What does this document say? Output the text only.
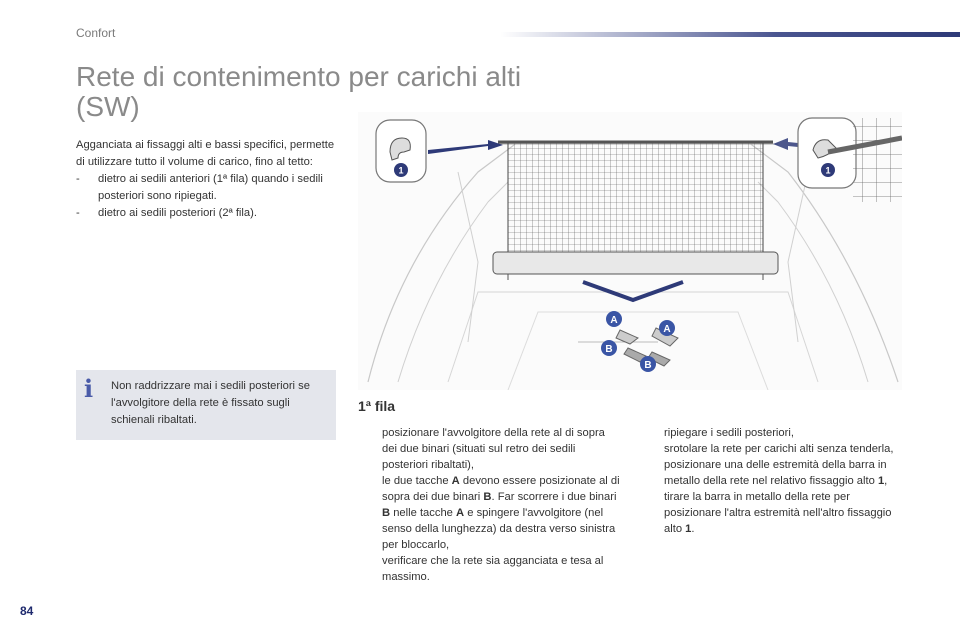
Confort
Rete di contenimento per carichi alti (SW)

Agganciata ai fissaggi alti e bassi specifici, permette di utilizzare tutto il volume di carico, fino al tetto:

- dietro ai sedili anteriori (1ª fila) quando i sedili posteriori sono ripiegati.
- dietro ai sedili posteriori (2ª fila).
i Non raddrizzare mai i sedili posteriori se l'avvolgitore della rete è fissato sugli schienali ribaltati.
1	1
A
A
B
B
1ª fila
posizionare l'avvolgitore della rete al di sopra dei due binari (situati sul retro dei sedili posteriori ribaltati),
le due tacche A devono essere posizionate al di sopra dei due binari B. Far scorrere i due binari B nelle tacche A e spingere l'avvolgitore (nel senso della lunghezza) da destra verso sinistra per bloccarlo,
verificare che la rete sia agganciata e tesa al massimo.
ripiegare i sedili posteriori,
srotolare la rete per carichi alti senza tenderla,
posizionare una delle estremità della barra in metallo della rete nel relativo fissaggio alto 1,
tirare la barra in metallo della rete per posizionare l'altra estremità nell'altro fissaggio alto 1.
84
